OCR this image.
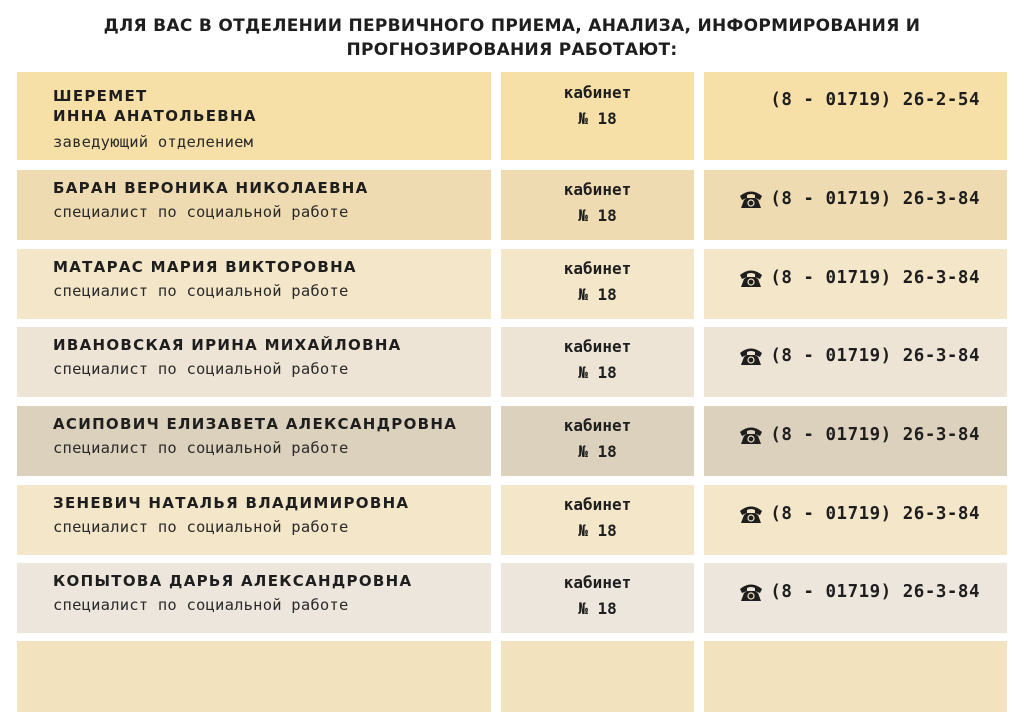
ДЛЯ ВАС В ОТДЕЛЕНИИ ПЕРВИЧНОГО ПРИЕМА, АНАЛИЗА, ИНФОРМИРОВАНИЯ И
ПРОГНОЗИРОВАНИЯ РАБОТАЮТ:
ШЕРЕМЕТ
ИННА АНАТОЛЬЕВНА
заведующий отделением
кабинет
№ 18
(8 - 01719) 26-2-54
БАРАН ВЕРОНИКА НИКОЛАЕВНА
специалист по социальной работе
кабинет
№ 18
(8 - 01719) 26-3-84
МАТАРАС МАРИЯ ВИКТОРОВНА
специалист по социальной работе
кабинет
№ 18
(8 - 01719) 26-3-84
ИВАНОВСКАЯ ИРИНА МИХАЙЛОВНА
специалист по социальной работе
кабинет
№ 18
(8 - 01719) 26-3-84
АСИПОВИЧ ЕЛИЗАВЕТА АЛЕКСАНДРОВНА
специалист по социальной работе
кабинет
№ 18
(8 - 01719) 26-3-84
ЗЕНЕВИЧ НАТАЛЬЯ ВЛАДИМИРОВНА
специалист по социальной работе
кабинет
№ 18
(8 - 01719) 26-3-84
КОПЫТОВА ДАРЬЯ АЛЕКСАНДРОВНА
специалист по социальной работе
кабинет
№ 18
(8 - 01719) 26-3-84
